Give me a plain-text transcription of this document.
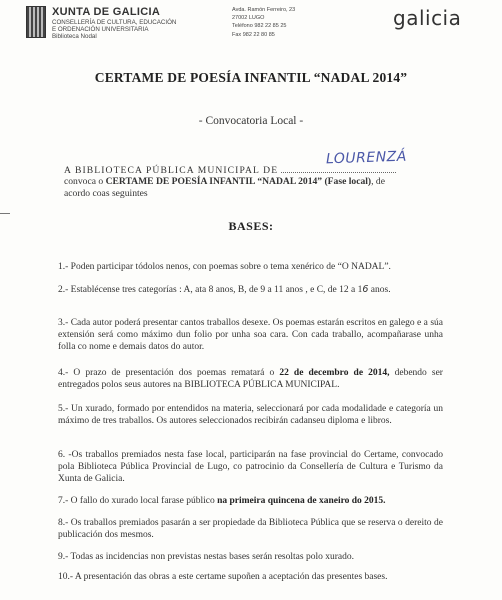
XUNTA DE GALICIA
CONSELLERÍA DE CULTURA, EDUCACIÓN
E ORDENACIÓN UNIVERSITARIA
Biblioteca Nodal
Avda. Ramón Ferreiro, 23
27002 LUGO
Teléfono 982 22 85 25
Fax 982 22 80 85
galicia
CERTAME DE POESÍA INFANTIL “NADAL 2014”
- Convocatoria Local -
A BIBLIOTECA PÚBLICA MUNICIPAL DE
LOURENZÁ
convoca o CERTAME DE POESÍA INFANTIL “NADAL 2014” (Fase local), de
acordo coas seguintes
BASES:
1.- Poden participar tódolos nenos, con poemas sobre o tema xenérico de “O NADAL”.
2.- Establécense tres categorías : A, ata 8 anos, B, de 9 a 11 anos , e C, de 12 a 16 anos.
3.- Cada autor poderá presentar cantos traballos desexe. Os poemas estarán escritos en galego e a súa extensión será como máximo dun folio por unha soa cara. Con cada traballo, acompañarase unha folla co nome e demais datos do autor.
4.- O prazo de presentación dos poemas rematará o 22 de decembro de 2014, debendo ser entregados polos seus autores na BIBLIOTECA PÚBLICA MUNICIPAL.
5.- Un xurado, formado por entendidos na materia, seleccionará por cada modalidade e categoría un máximo de tres traballos. Os autores seleccionados recibirán cadanseu diploma e libros.
6. -Os traballos premiados nesta fase local, participarán na fase provincial do Certame, convocado pola Biblioteca Pública Provincial de Lugo, co patrocinio da Consellería de Cultura e Turismo da Xunta de Galicia.
7.- O fallo do xurado local farase público na primeira quincena de xaneiro do 2015.
8.- Os traballos premiados pasarán a ser propiedade da Biblioteca Pública que se reserva o dereito de publicación dos mesmos.
9.- Todas as incidencias non previstas nestas bases serán resoltas polo xurado.
10.- A presentación das obras a este certame supoñen a aceptación das presentes bases.
